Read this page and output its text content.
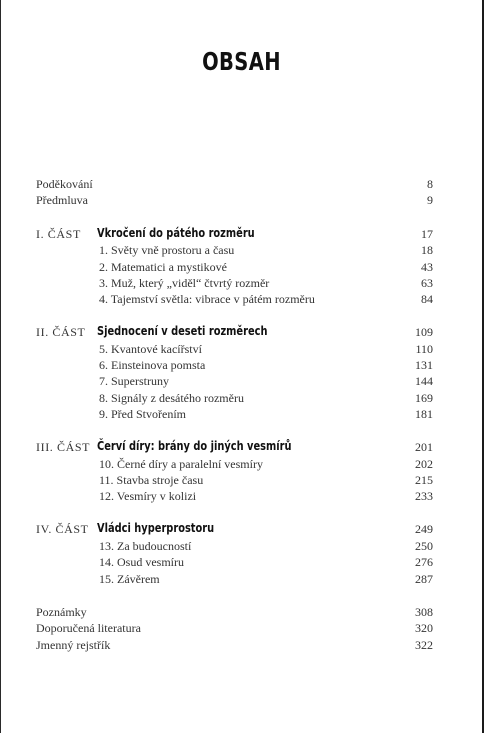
OBSAH
Poděkování	8
Předmluva	9
I. ČÁST Vkročení do pátého rozměru	17
1. Světy vně prostoru a času	18
2. Matematici a mystikové	43
3. Muž, který „viděl“ čtvrtý rozměr	63
4. Tajemství světla: vibrace v pátém rozměru	84
II. ČÁST Sjednocení v deseti rozměrech	109
5. Kvantové kacířství	110
6. Einsteinova pomsta	131
7. Superstruny	144
8. Signály z desátého rozměru	169
9. Před Stvořením	181
III. ČÁST Červí díry: brány do jiných vesmírů	201
10. Černé díry a paralelní vesmíry	202
11. Stavba stroje času	215
12. Vesmíry v kolizi	233
IV. ČÁST Vládci hyperprostoru	249
13. Za budoucností	250
14. Osud vesmíru	276
15. Závěrem	287
Poznámky	308
Doporučená literatura	320
Jmenný rejstřík	322
